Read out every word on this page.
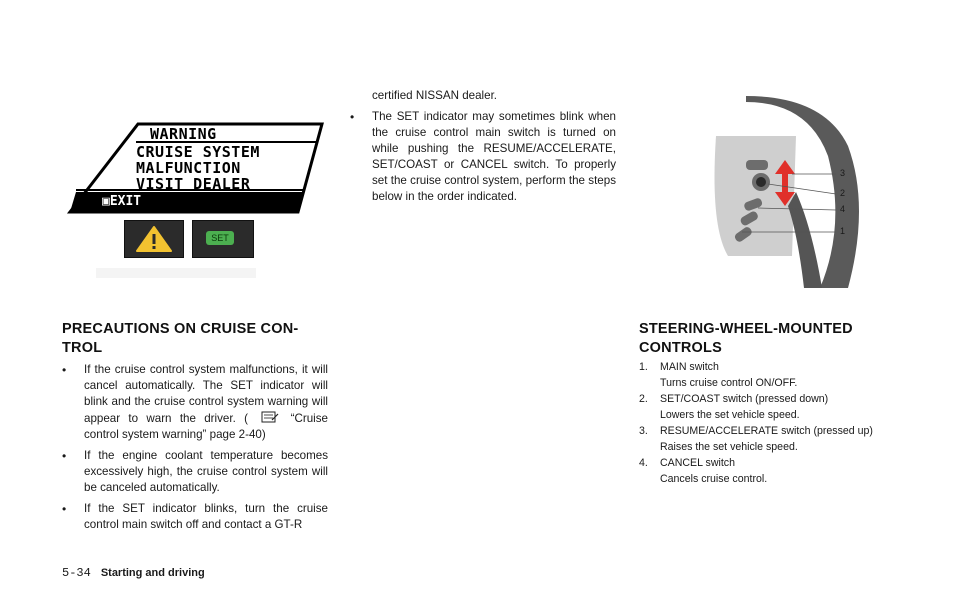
WARNING
CRUISE SYSTEM
MALFUNCTION
VISIT DEALER
▣EXIT
SET
3
2
4
1
PRECAUTIONS ON CRUISE CON-TROL
• If the cruise control system malfunctions, it will cancel automatically. The SET indicator will blink and the cruise control system warning will appear to warn the driver. (	“Cruise control system warning” page 2-40)
• If the engine coolant temperature becomes excessively high, the cruise control system will be canceled automatically.
• If the SET indicator blinks, turn the cruise control main switch off and contact a GT-R
certified NISSAN dealer.
• The SET indicator may sometimes blink when the cruise control main switch is turned on while pushing the RESUME/ACCELERATE, SET/COAST or CANCEL switch. To properly set the cruise control system, perform the steps below in the order indicated.
STEERING-WHEEL-MOUNTED
CONTROLS
1. MAIN switch
Turns cruise control ON/OFF.
2. SET/COAST switch (pressed down)
Lowers the set vehicle speed.
3. RESUME/ACCELERATE switch (pressed up)
Raises the set vehicle speed.
4. CANCEL switch
Cancels cruise control.
5-34 Starting and driving
